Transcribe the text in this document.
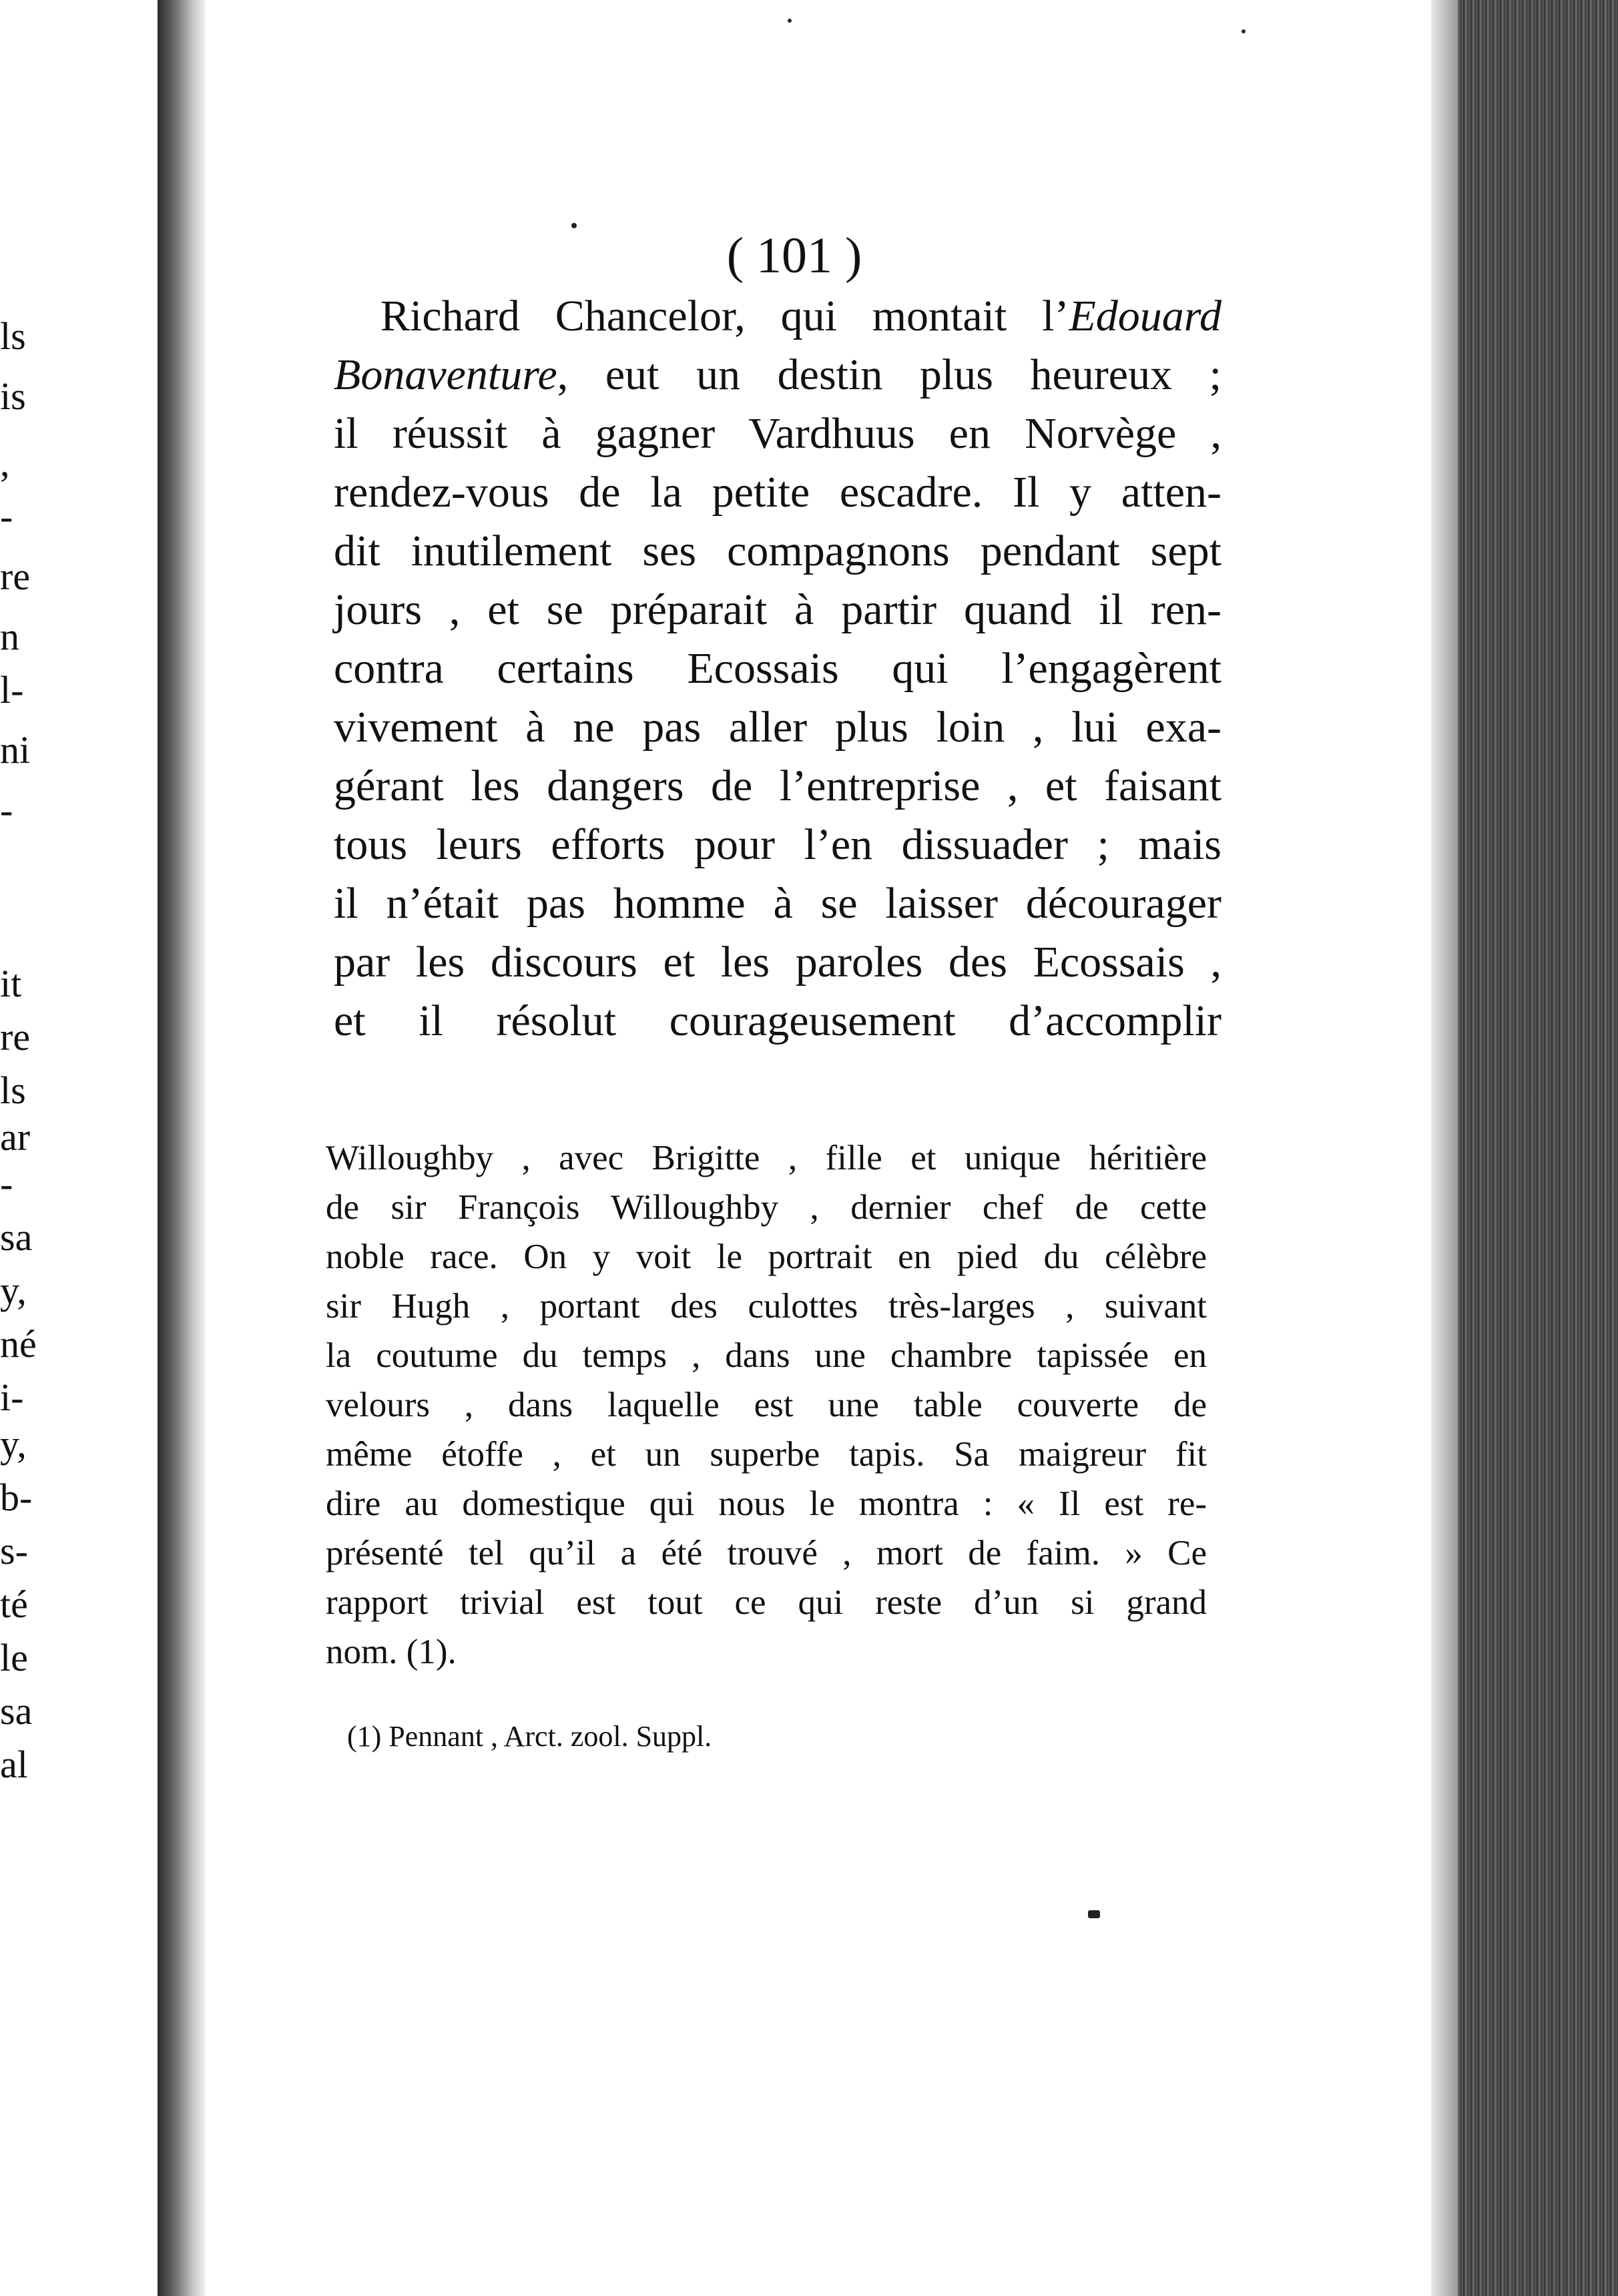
ls
is
,
-
re
n
l-
ni
-
it
re
ls
ar
-
sa
y,
né
i-
y,
b-
s-
té
le
sa
al
( 101 )
Richard Chancelor, qui montait l’Edouard
Bonaventure, eut un destin plus heureux ;
il réussit à gagner Vardhuus en Norvège ,
rendez-vous de la petite escadre. Il y atten-
dit inutilement ses compagnons pendant sept
jours , et se préparait à partir quand il ren-
contra certains Ecossais qui l’engagèrent
vivement à ne pas aller plus loin , lui exa-
gérant les dangers de l’entreprise , et faisant
tous leurs efforts pour l’en dissuader ; mais
il n’était pas homme à se laisser décourager
par les discours et les paroles des Ecossais ,
et il résolut courageusement d’accomplir
Willoughby , avec Brigitte , fille et unique héritière
de sir François Willoughby , dernier chef de cette
noble race. On y voit le portrait en pied du célèbre
sir Hugh , portant des culottes très-larges , suivant
la coutume du temps , dans une chambre tapissée en
velours , dans laquelle est une table couverte de
même étoffe , et un superbe tapis. Sa maigreur fit
dire au domestique qui nous le montra : « Il est re-
présenté tel qu’il a été trouvé , mort de faim. » Ce
rapport trivial est tout ce qui reste d’un si grand
nom. (1).
(1) Pennant , Arct. zool. Suppl.
